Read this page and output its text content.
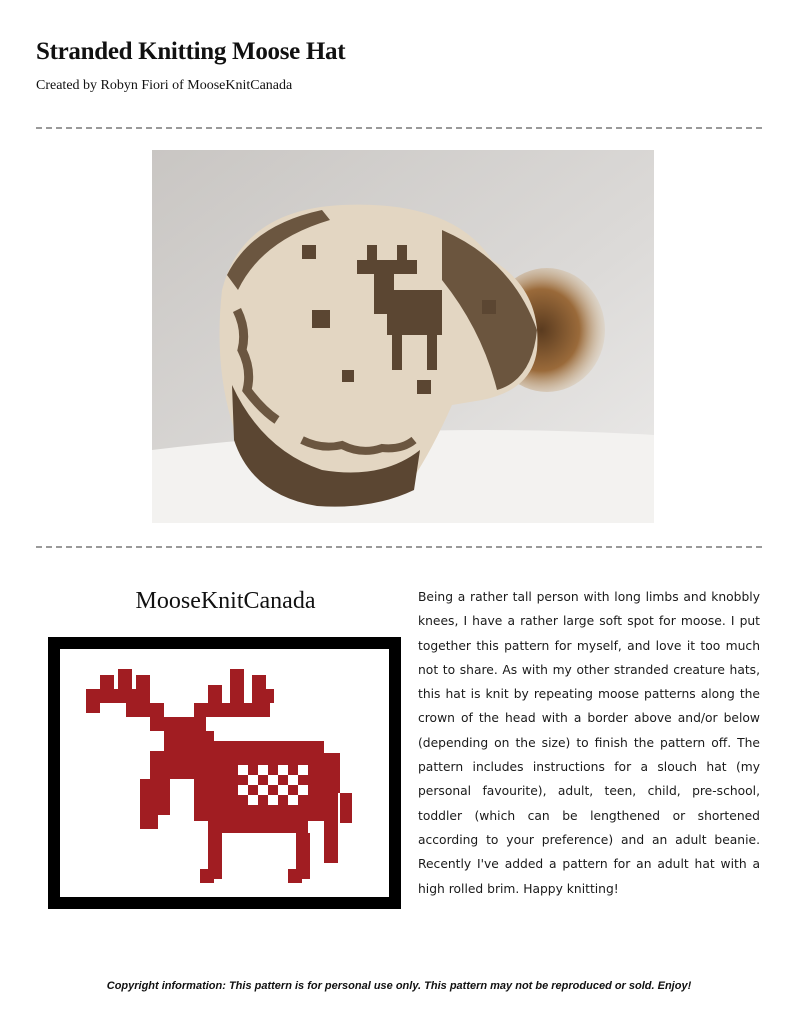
Stranded Knitting Moose Hat
Created by Robyn Fiori of MooseKnitCanada
MooseKnitCanada	Being a rather tall person with long limbs and knobbly knees, I have a rather large soft spot for moose. I put together this pattern for myself, and love it too much not to share. As with my other stranded creature hats, this hat is knit by repeating moose patterns along the crown of the head with a border above and/or below (depending on the size) to finish the pattern off. The pattern includes instructions for a slouch hat (my personal favourite), adult, teen, child, pre-school, toddler (which can be lengthened or shortened according to your preference) and an adult beanie. Recently I've added a pattern for an adult hat with a high rolled brim. Happy knitting!
Copyright information: This pattern is for personal use only. This pattern may not be reproduced or sold. Enjoy!
